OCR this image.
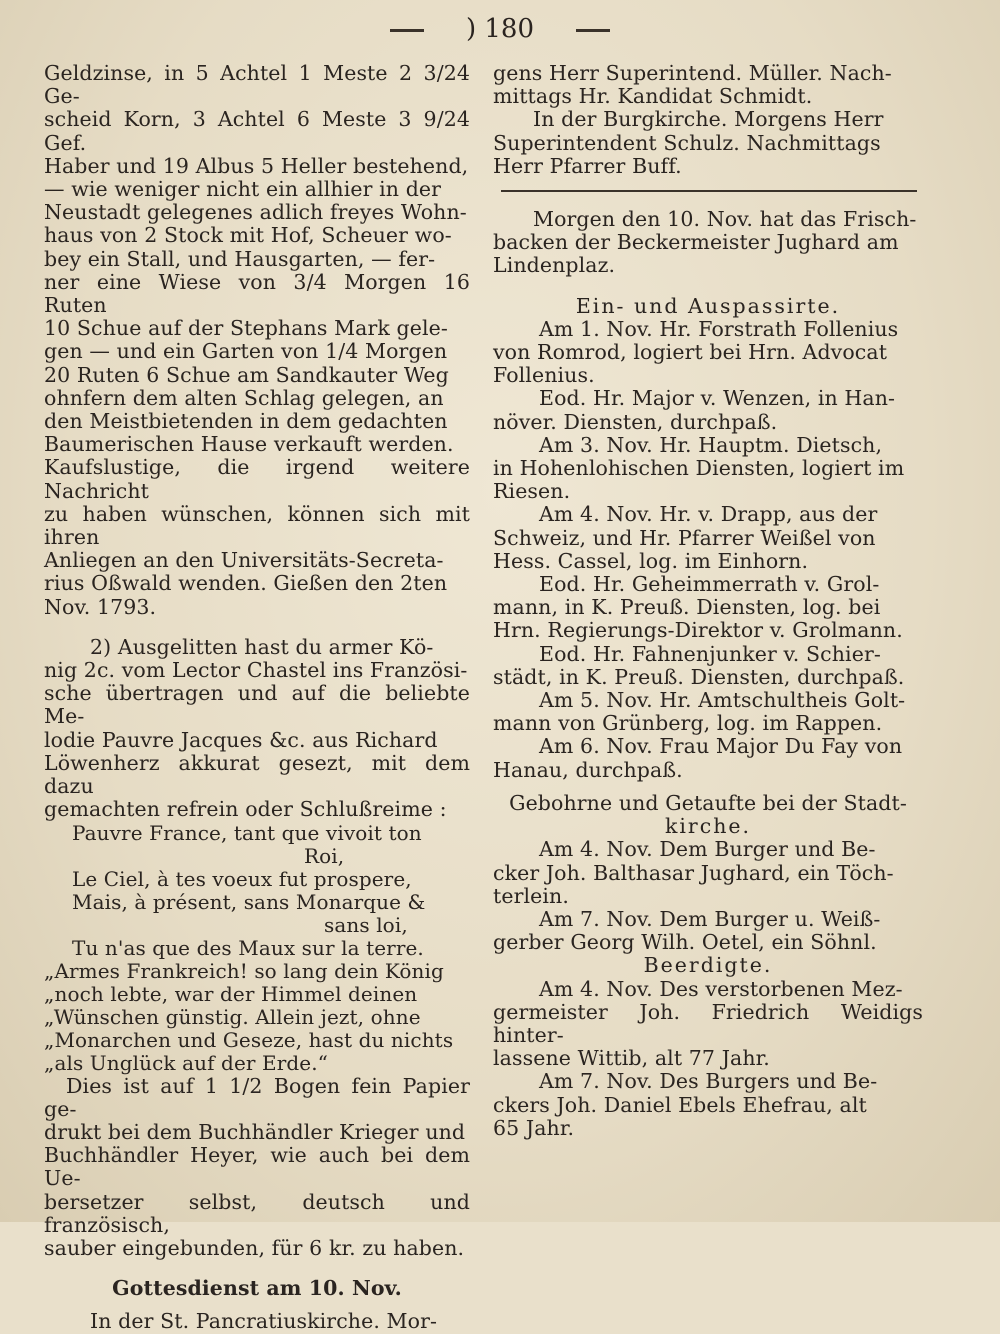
) 180

Geldzinse, in 5 Achtel 1 Meste 2 3/24 Ge-
scheid Korn, 3 Achtel 6 Meste 3 9/24 Gef.
Haber und 19 Albus 5 Heller bestehend,
— wie weniger nicht ein allhier in der
Neustadt gelegenes adlich freyes Wohn-
haus von 2 Stock mit Hof, Scheuer wo-
bey ein Stall, und Hausgarten, — fer-
ner eine Wiese von 3/4 Morgen 16 Ruten
10 Schue auf der Stephans Mark gele-
gen — und ein Garten von 1/4 Morgen
20 Ruten 6 Schue am Sandkauter Weg
ohnfern dem alten Schlag gelegen, an
den Meistbietenden in dem gedachten
Baumerischen Hause verkauft werden.
Kaufslustige, die irgend weitere Nachricht
zu haben wünschen, können sich mit ihren
Anliegen an den Universitäts-Secreta-
rius Oßwald wenden. Gießen den 2ten
Nov. 1793.

2) Ausgelitten hast du armer Kö-
nig 2c. vom Lector Chastel ins Französi-
sche übertragen und auf die beliebte Me-
lodie Pauvre Jacques &c. aus Richard
Löwenherz akkurat gesezt, mit dem dazu
gemachten refrein oder Schlußreime :

Pauvre France, tant que vivoit ton
Roi,
Le Ciel, à tes voeux fut prospere,
Mais, à présent, sans Monarque &
sans loi,
Tu n'as que des Maux sur la terre.
„Armes Frankreich! so lang dein König
„noch lebte, war der Himmel deinen
„Wünschen günstig. Allein jezt, ohne
„Monarchen und Geseze, hast du nichts
„als Unglück auf der Erde.“

Dies ist auf 1 1/2 Bogen fein Papier ge-
drukt bei dem Buchhändler Krieger und
Buchhändler Heyer, wie auch bei dem Ue-
bersetzer selbst, deutsch und französisch,
sauber eingebunden, für 6 kr. zu haben.

Gottesdienst am 10. Nov.

In der St. Pancratiuskirche. Mor-

gens Herr Superintend. Müller. Nach-
mittags Hr. Kandidat Schmidt.

In der Burgkirche. Morgens Herr
Superintendent Schulz. Nachmittags
Herr Pfarrer Buff.

Morgen den 10. Nov. hat das Frisch-
backen der Beckermeister Jughard am
Lindenplaz.

Ein- und Auspassirte.

Am 1. Nov. Hr. Forstrath Follenius
von Romrod, logiert bei Hrn. Advocat
Follenius.

Eod. Hr. Major v. Wenzen, in Han-
növer. Diensten, durchpaß.

Am 3. Nov. Hr. Hauptm. Dietsch,
in Hohenlohischen Diensten, logiert im
Riesen.

Am 4. Nov. Hr. v. Drapp, aus der
Schweiz, und Hr. Pfarrer Weißel von
Hess. Cassel, log. im Einhorn.

Eod. Hr. Geheimmerrath v. Grol-
mann, in K. Preuß. Diensten, log. bei
Hrn. Regierungs-Direktor v. Grolmann.

Eod. Hr. Fahnenjunker v. Schier-
städt, in K. Preuß. Diensten, durchpaß.

Am 5. Nov. Hr. Amtschultheis Golt-
mann von Grünberg, log. im Rappen.

Am 6. Nov. Frau Major Du Fay von
Hanau, durchpaß.

Gebohrne und Getaufte bei der Stadt-
kirche.

Am 4. Nov. Dem Burger und Be-
cker Joh. Balthasar Jughard, ein Töch-
terlein.

Am 7. Nov. Dem Burger u. Weiß-
gerber Georg Wilh. Oetel, ein Söhnl.

Beerdigte.

Am 4. Nov. Des verstorbenen Mez-
germeister Joh. Friedrich Weidigs hinter-
lassene Wittib, alt 77 Jahr.

Am 7. Nov. Des Burgers und Be-
ckers Joh. Daniel Ebels Ehefrau, alt
65 Jahr.
